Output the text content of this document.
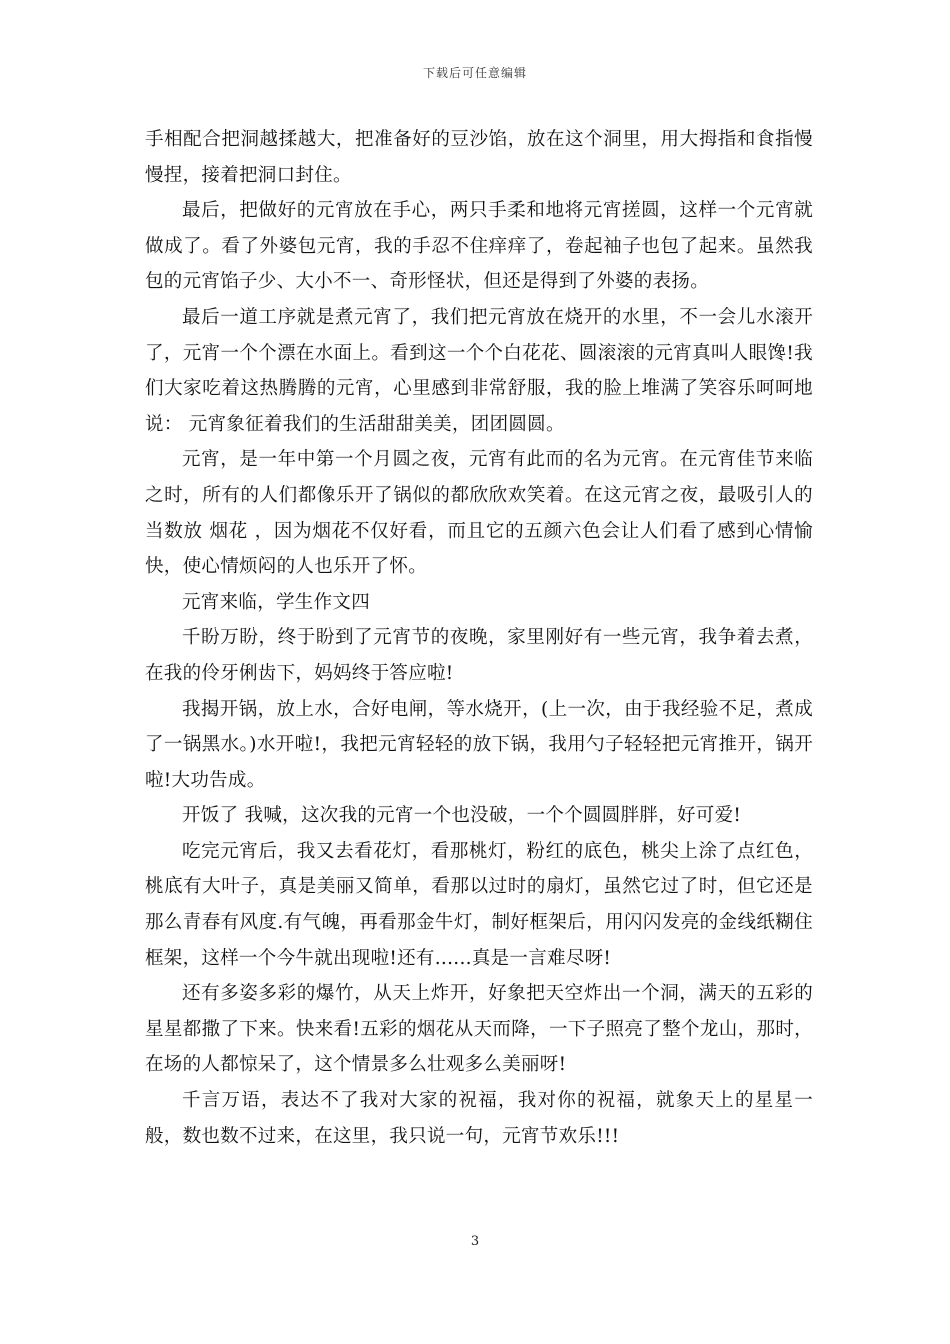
下载后可任意编辑

手相配合把洞越揉越大，把准备好的豆沙馅，放在这个洞里，用大拇指和食指慢慢捏，接着把洞口封住。

最后，把做好的元宵放在手心，两只手柔和地将元宵搓圆，这样一个元宵就做成了。看了外婆包元宵，我的手忍不住痒痒了，卷起袖子也包了起来。虽然我包的元宵馅子少、大小不一、奇形怪状，但还是得到了外婆的表扬。

最后一道工序就是煮元宵了，我们把元宵放在烧开的水里，不一会儿水滚开了，元宵一个个漂在水面上。看到这一个个白花花、圆滚滚的元宵真叫人眼馋!我们大家吃着这热腾腾的元宵，心里感到非常舒服，我的脸上堆满了笑容乐呵呵地说： 元宵象征着我们的生活甜甜美美，团团圆圆。

元宵，是一年中第一个月圆之夜，元宵有此而的名为元宵。在元宵佳节来临之时，所有的人们都像乐开了锅似的都欣欣欢笑着。在这元宵之夜，最吸引人的当数放 烟花 ，因为烟花不仅好看，而且它的五颜六色会让人们看了感到心情愉快，使心情烦闷的人也乐开了怀。

元宵来临，学生作文四

千盼万盼，终于盼到了元宵节的夜晚，家里刚好有一些元宵，我争着去煮，在我的伶牙俐齿下，妈妈终于答应啦!

我揭开锅，放上水，合好电闸，等水烧开，(上一次，由于我经验不足，煮成了一锅黑水。)水开啦!，我把元宵轻轻的放下锅，我用勺子轻轻把元宵推开，锅开啦!大功告成。

开饭了 我喊，这次我的元宵一个也没破，一个个圆圆胖胖，好可爱!

吃完元宵后，我又去看花灯，看那桃灯，粉红的底色，桃尖上涂了点红色，桃底有大叶子，真是美丽又简单，看那以过时的扇灯，虽然它过了时，但它还是那么青春有风度.有气魄，再看那金牛灯，制好框架后，用闪闪发亮的金线纸糊住框架，这样一个今牛就出现啦!还有......真是一言难尽呀!

还有多姿多彩的爆竹，从天上炸开，好象把天空炸出一个洞，满天的五彩的星星都撒了下来。快来看!五彩的烟花从天而降，一下子照亮了整个龙山，那时，在场的人都惊呆了，这个情景多么壮观多么美丽呀!

千言万语，表达不了我对大家的祝福，我对你的祝福，就象天上的星星一般，数也数不过来，在这里，我只说一句，元宵节欢乐!!!

3
